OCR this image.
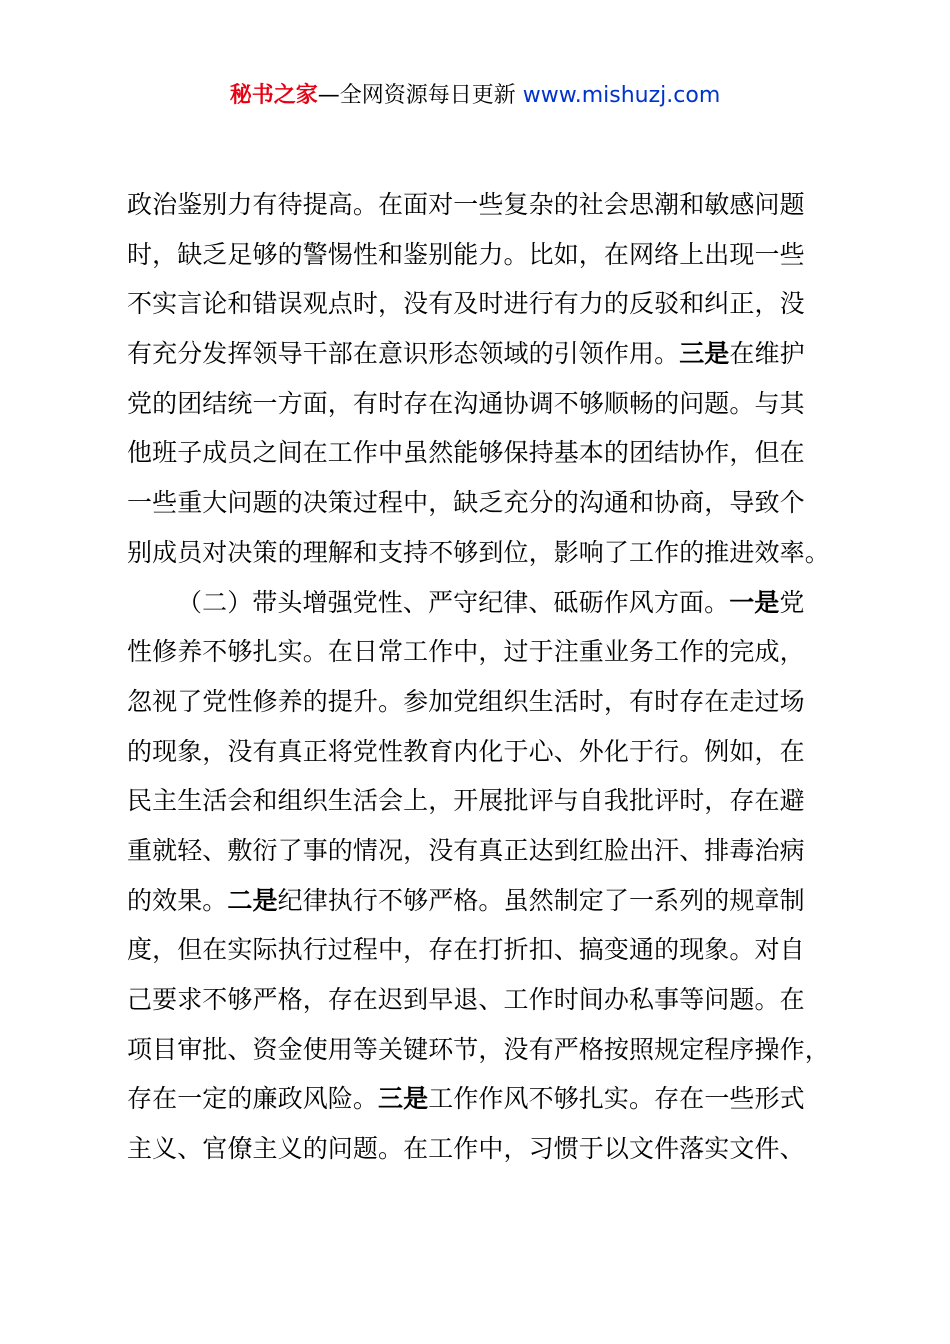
秘书之家—全网资源每日更新 www.mishuzj.com
政治鉴别力有待提高。在面对一些复杂的社会思潮和敏感问题
时，缺乏足够的警惕性和鉴别能力。比如，在网络上出现一些
不实言论和错误观点时，没有及时进行有力的反驳和纠正，没
有充分发挥领导干部在意识形态领域的引领作用。三是在维护
党的团结统一方面，有时存在沟通协调不够顺畅的问题。与其
他班子成员之间在工作中虽然能够保持基本的团结协作，但在
一些重大问题的决策过程中，缺乏充分的沟通和协商，导致个
别成员对决策的理解和支持不够到位，影响了工作的推进效率。
（二）带头增强党性、严守纪律、砥砺作风方面。一是党
性修养不够扎实。在日常工作中，过于注重业务工作的完成，
忽视了党性修养的提升。参加党组织生活时，有时存在走过场
的现象，没有真正将党性教育内化于心、外化于行。例如，在
民主生活会和组织生活会上，开展批评与自我批评时，存在避
重就轻、敷衍了事的情况，没有真正达到红脸出汗、排毒治病
的效果。二是纪律执行不够严格。虽然制定了一系列的规章制
度，但在实际执行过程中，存在打折扣、搞变通的现象。对自
己要求不够严格，存在迟到早退、工作时间办私事等问题。在
项目审批、资金使用等关键环节，没有严格按照规定程序操作，
存在一定的廉政风险。三是工作作风不够扎实。存在一些形式
主义、官僚主义的问题。在工作中，习惯于以文件落实文件、
